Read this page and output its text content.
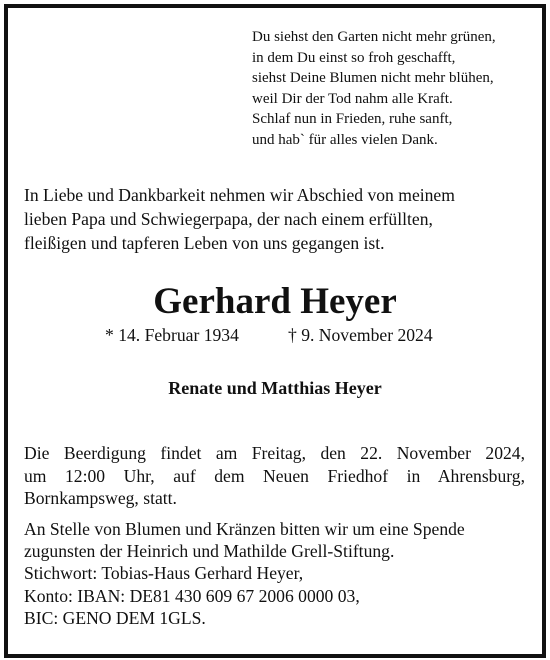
Du siehst den Garten nicht mehr grünen,
in dem Du einst so froh geschafft,
siehst Deine Blumen nicht mehr blühen,
weil Dir der Tod nahm alle Kraft.
Schlaf nun in Frieden, ruhe sanft,
und hab` für alles vielen Dank.
In Liebe und Dankbarkeit nehmen wir Abschied von meinem
lieben Papa und Schwiegerpapa, der nach einem erfüllten,
fleißigen und tapferen Leben von uns gegangen ist.
Gerhard Heyer
* 14. Februar 1934	† 9. November 2024
Renate und Matthias Heyer
Die Beerdigung findet am Freitag, den 22. November 2024,
um 12:00 Uhr, auf dem Neuen Friedhof in Ahrensburg,
Bornkampsweg, statt.
An Stelle von Blumen und Kränzen bitten wir um eine Spende
zugunsten der Heinrich und Mathilde Grell-Stiftung.
Stichwort: Tobias-Haus Gerhard Heyer,
Konto: IBAN: DE81 430 609 67 2006 0000 03,
BIC: GENO DEM 1GLS.
